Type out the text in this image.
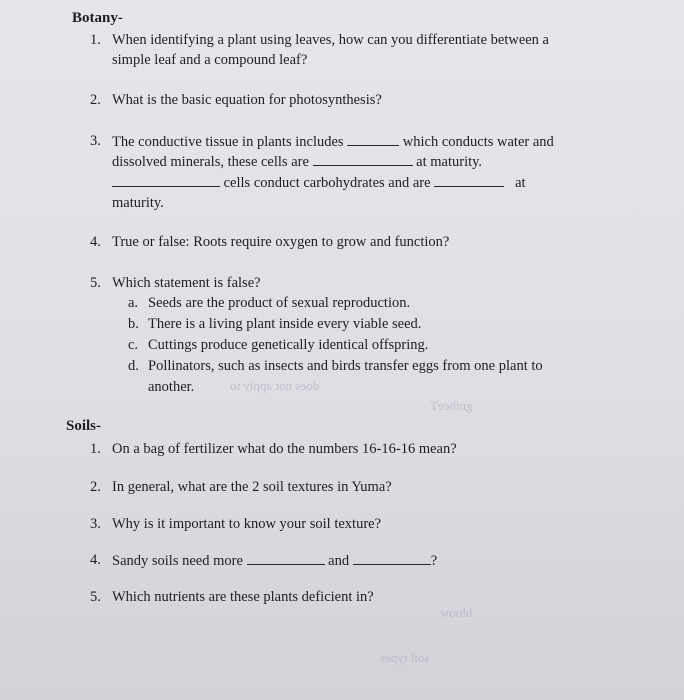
does not apply to
gnibeeT
bloow
soil types
Botany-
1. When identifying a plant using leaves, how can you differentiate between a
simple leaf and a compound leaf?
2. What is the basic equation for photosynthesis?
3. The conductive tissue in plants includes	which conducts water and
dissolved minerals, these cells are	at maturity.
cells conduct carbohydrates and are	at
maturity.
4. True or false: Roots require oxygen to grow and function?
5. Which statement is false?
a. Seeds are the product of sexual reproduction.
b. There is a living plant inside every viable seed.
c. Cuttings produce genetically identical offspring.
d. Pollinators, such as insects and birds transfer eggs from one plant to
another.
Soils-
1. On a bag of fertilizer what do the numbers 16-16-16 mean?
2. In general, what are the 2 soil textures in Yuma?
3. Why is it important to know your soil texture?
4. Sandy soils need more	and	?
5. Which nutrients are these plants deficient in?
